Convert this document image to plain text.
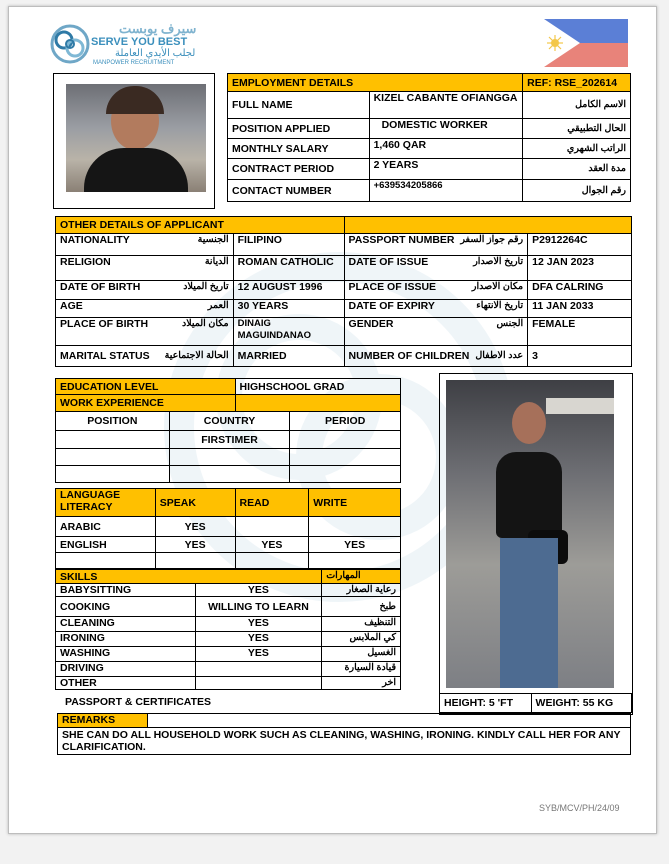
سيرف يوبست
SERVE YOU BEST
لجلب الأيدي العاملة
MANPOWER RECRUITMENT
EMPLOYMENT DETAILS		REF: RSE_202614
FULL NAME	KIZEL CABANTE OFIANGGA	الاسم الكامل
POSITION APPLIED	DOMESTIC WORKER	الحال التطبيقي
MONTHLY SALARY	1,460 QAR	الراتب الشهري
CONTRACT PERIOD	2 YEARS	مدة العقد
CONTACT NUMBER	+639534205866	رقم الجوال
OTHER DETAILS OF APPLICANT			
NATIONALITY الجنسية	FILIPINO	PASSPORT NUMBER رقم جواز السفر	P2912264C
RELIGION الديانة	ROMAN CATHOLIC	DATE OF ISSUE تاريخ الاصدار	12 JAN 2023
DATE OF BIRTH تاريخ الميلاد	12 AUGUST 1996	PLACE OF ISSUE مكان الاصدار	DFA CALRING
AGE العمر	30 YEARS	DATE OF EXPIRY تاريخ الانتهاء	11 JAN 2033
PLACE OF BIRTH مكان الميلاد	DINAIG MAGUINDANAO	GENDER الجنس	FEMALE
MARITAL STATUS الحالة الاجتماعية	MARRIED	NUMBER OF CHILDREN عدد الاطفال	3
EDUCATION LEVEL		HIGHSCHOOL GRAD	
WORK EXPERIENCE			
POSITION	COUNTRY		PERIOD
	FIRSTIMER		

LANGUAGE LITERACY	SPEAK	READ	WRITE
ARABIC	YES		
ENGLISH	YES	YES	YES

SKILLS		المهارات
BABYSITTING	YES	رعاية الصغار
COOKING	WILLING TO LEARN	طبخ
CLEANING	YES	التنظيف
IRONING	YES	كي الملابس
WASHING	YES	الغسيل
DRIVING		قيادة السيارة
OTHER		اخر
PASSPORT & CERTIFICATES	HEIGHT: 5 'FT	WEIGHT: 55 KG
REMARKS	
SHE CAN DO ALL HOUSEHOLD WORK SUCH AS CLEANING, WASHING, IRONING. KINDLY CALL HER FOR ANY CLARIFICATION.
SYB/MCV/PH/24/09
